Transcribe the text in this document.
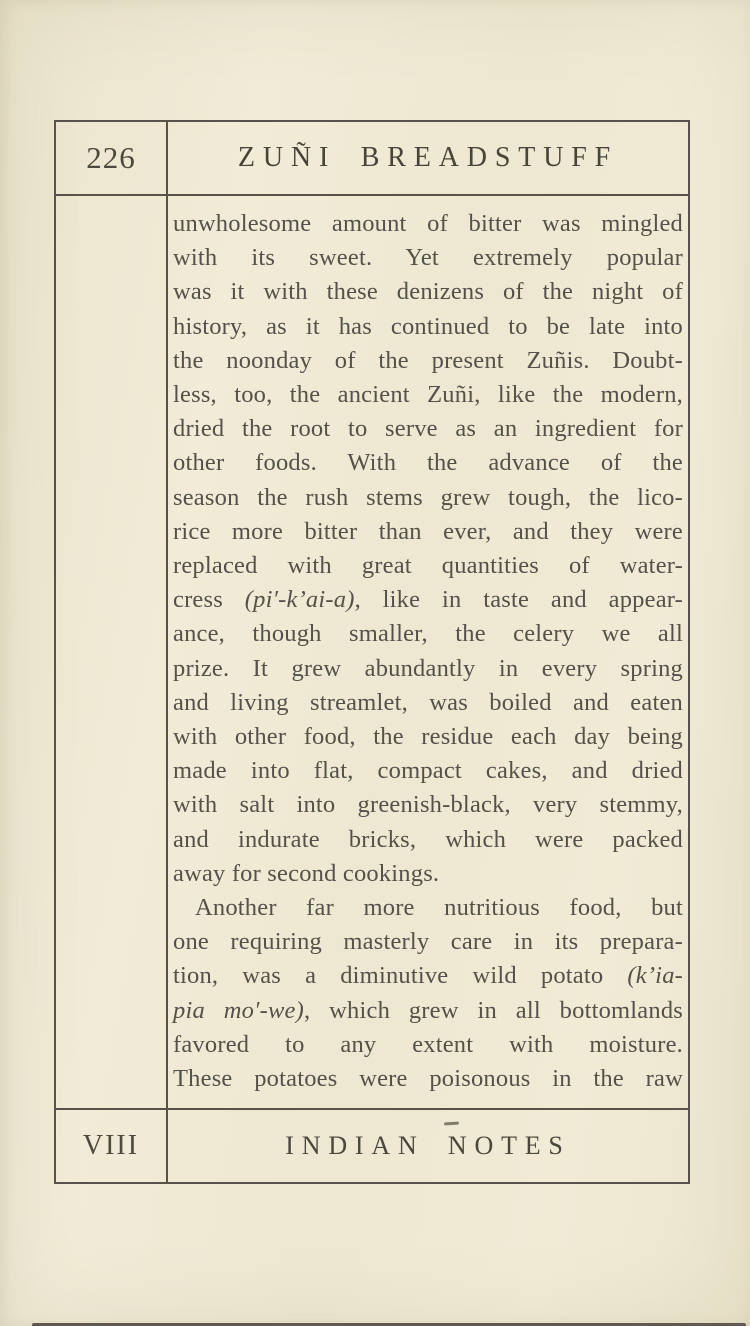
226	ZUÑI BREADSTUFF
unwholesome amount of bitter was mingled
with its sweet. Yet extremely popular
was it with these denizens of the night of
history, as it has continued to be late into
the noonday of the present Zuñis. Doubt-
less, too, the ancient Zuñi, like the modern,
dried the root to serve as an ingredient for
other foods. With the advance of the
season the rush stems grew tough, the lico-
rice more bitter than ever, and they were
replaced with great quantities of water-
cress (pi′-k’ai-a), like in taste and appear-
ance, though smaller, the celery we all
prize. It grew abundantly in every spring
and living streamlet, was boiled and eaten
with other food, the residue each day being
made into flat, compact cakes, and dried
with salt into greenish-black, very stemmy,
and indurate bricks, which were packed
away for second cookings.
Another far more nutritious food, but
one requiring masterly care in its prepara-
tion, was a diminutive wild potato (k’ia-
pia mo′-we), which grew in all bottomlands
favored to any extent with moisture.
These potatoes were poisonous in the raw
VIII	INDIAN NOTES
